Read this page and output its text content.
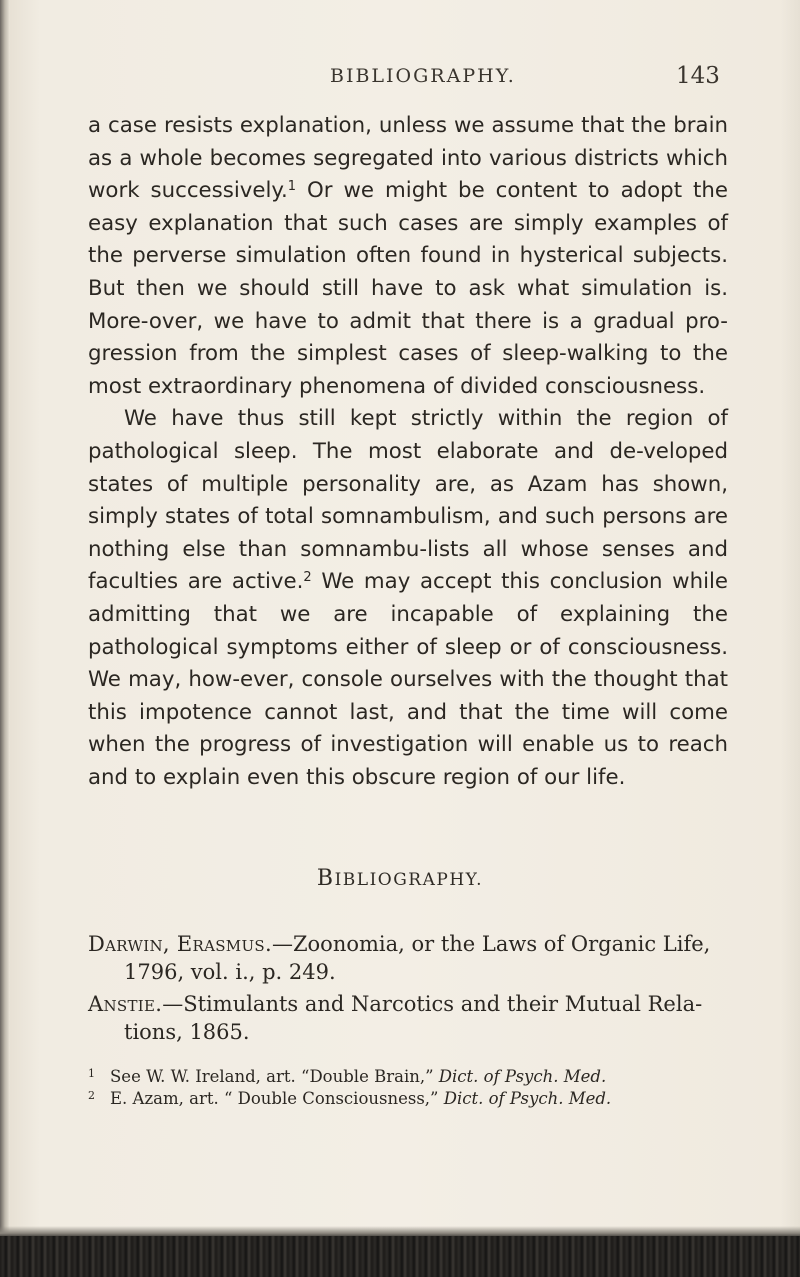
BIBLIOGRAPHY.	143

a case resists explanation, unless we assume that the brain as a whole becomes segregated into various districts which work successively.$^1$ Or we might be content to adopt the easy explanation that such cases are simply examples of the perverse simulation often found in hysterical subjects. But then we should still have to ask what simulation is. More-over, we have to admit that there is a gradual pro-gression from the simplest cases of sleep-walking to the most extraordinary phenomena of divided consciousness.

We have thus still kept strictly within the region of pathological sleep. The most elaborate and de-veloped states of multiple personality are, as Azam has shown, simply states of total somnambulism, and such persons are nothing else than somnambu-lists all whose senses and faculties are active.$^2$ We may accept this conclusion while admitting that we are incapable of explaining the pathological symptoms either of sleep or of consciousness. We may, how-ever, console ourselves with the thought that this impotence cannot last, and that the time will come when the progress of investigation will enable us to reach and to explain even this obscure region of our life.

BIBLIOGRAPHY.

Darwin, Erasmus.—Zoonomia, or the Laws of Organic Life, 1796, vol. i., p. 249.

Anstie.—Stimulants and Narcotics and their Mutual Rela-tions, 1865.

1 See W. W. Ireland, art. “Double Brain,” Dict. of Psych. Med.

2 E. Azam, art. “ Double Consciousness,” Dict. of Psych. Med.
